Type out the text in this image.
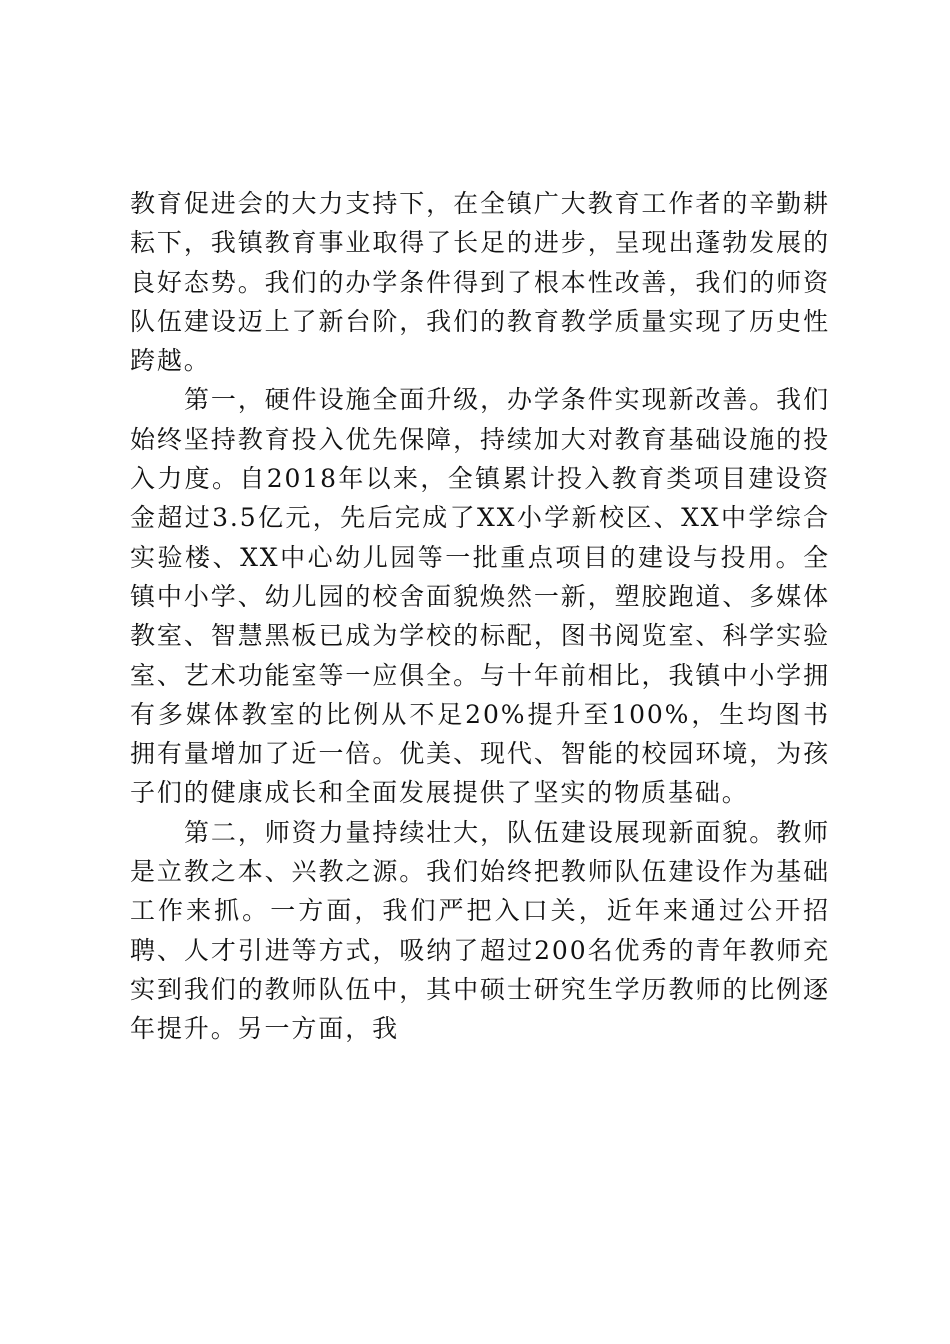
教育促进会的大力支持下，在全镇广大教育工作者的辛勤耕耘下，我镇教育事业取得了长足的进步，呈现出蓬勃发展的良好态势。我们的办学条件得到了根本性改善，我们的师资队伍建设迈上了新台阶，我们的教育教学质量实现了历史性跨越。

第一，硬件设施全面升级，办学条件实现新改善。我们始终坚持教育投入优先保障，持续加大对教育基础设施的投入力度。自2018年以来，全镇累计投入教育类项目建设资金超过3.5亿元，先后完成了XX小学新校区、XX中学综合实验楼、XX中心幼儿园等一批重点项目的建设与投用。全镇中小学、幼儿园的校舍面貌焕然一新，塑胶跑道、多媒体教室、智慧黑板已成为学校的标配，图书阅览室、科学实验室、艺术功能室等一应俱全。与十年前相比，我镇中小学拥有多媒体教室的比例从不足20%提升至100%，生均图书拥有量增加了近一倍。优美、现代、智能的校园环境，为孩子们的健康成长和全面发展提供了坚实的物质基础。

第二，师资力量持续壮大，队伍建设展现新面貌。教师是立教之本、兴教之源。我们始终把教师队伍建设作为基础工作来抓。一方面，我们严把入口关，近年来通过公开招聘、人才引进等方式，吸纳了超过200名优秀的青年教师充实到我们的教师队伍中，其中硕士研究生学历教师的比例逐年提升。另一方面，我
